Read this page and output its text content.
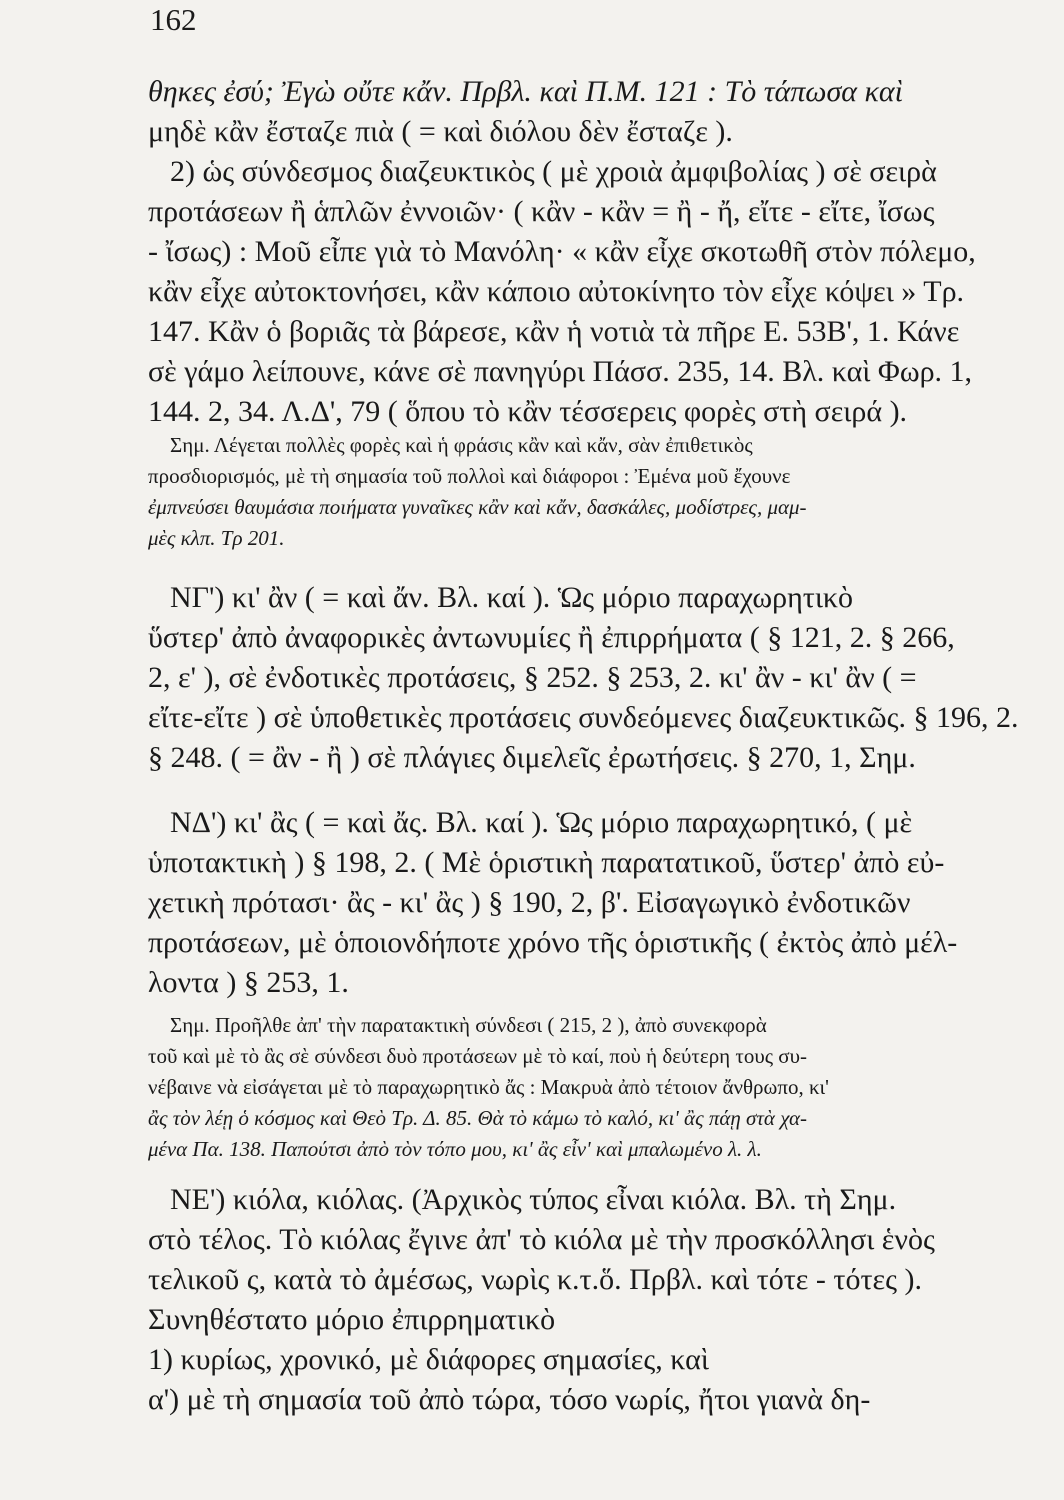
162
θηκες ἐσύ; Ἐγὼ οὔτε κἄν. Πρβλ. καὶ Π.Μ. 121 : Τὸ τάπωσα καὶ
μηδὲ κἂν ἔσταζε πιὰ ( = καὶ διόλου δὲν ἔσταζε ).
2) ὡς σύνδεσμος διαζευκτικὸς ( μὲ χροιὰ ἀμφιβολίας ) σὲ σειρὰ
προτάσεων ἢ ἁπλῶν ἐννοιῶν· ( κἂν - κἂν = ἢ - ἤ, εἴτε - εἴτε, ἴσως
- ἴσως) : Μοῦ εἶπε γιὰ τὸ Μανόλη· « κἂν εἶχε σκοτωθῆ στὸν πόλεμο,
κἂν εἶχε αὐτοκτονήσει, κἂν κάποιο αὐτοκίνητο τὸν εἶχε κόψει » Τρ.
147. Κἂν ὁ βοριᾶς τὰ βάρεσε, κἂν ἡ νοτιὰ τὰ πῆρε Ε. 53Β', 1. Κάνε
σὲ γάμο λείπουνε, κάνε σὲ πανηγύρι Πάσσ. 235, 14. Βλ. καὶ Φωρ. 1,
144. 2, 34. Λ.Δ', 79 ( ὅπου τὸ κἂν τέσσερεις φορὲς στὴ σειρά ).
Σημ. Λέγεται πολλὲς φορὲς καὶ ἡ φράσις κἂν καὶ κἄν, σὰν ἐπιθετικὸς
προσδιορισμός, μὲ τὴ σημασία τοῦ πολλοὶ καὶ διάφοροι : Ἐμένα μοῦ ἔχουνε
ἐμπνεύσει θαυμάσια ποιήματα γυναῖκες κἂν καὶ κἄν, δασκάλες, μοδίστρες, μαμ-
μὲς κλπ. Τρ 201.
ΝΓ') κι' ἂν ( = καὶ ἄν. Βλ. καί ). Ὡς μόριο παραχωρητικὸ
ὕστερ' ἀπὸ ἀναφορικὲς ἀντωνυμίες ἢ ἐπιρρήματα ( § 121, 2. § 266,
2, ε' ), σὲ ἐνδοτικὲς προτάσεις, § 252. § 253, 2. κι' ἂν - κι' ἂν ( =
εἴτε-εἴτε ) σὲ ὑποθετικὲς προτάσεις συνδεόμενες διαζευκτικῶς. § 196, 2.
§ 248. ( = ἂν - ἢ ) σὲ πλάγιες διμελεῖς ἐρωτήσεις. § 270, 1, Σημ.
ΝΔ') κι' ἂς ( = καὶ ἄς. Βλ. καί ). Ὡς μόριο παραχωρητικό, ( μὲ
ὑποτακτικὴ ) § 198, 2. ( Μὲ ὁριστικὴ παρατατικοῦ, ὕστερ' ἀπὸ εὐ-
χετικὴ πρότασι· ἂς - κι' ἂς ) § 190, 2, β'. Εἰσαγωγικὸ ἐνδοτικῶν
προτάσεων, μὲ ὁποιονδήποτε χρόνο τῆς ὁριστικῆς ( ἐκτὸς ἀπὸ μέλ-
λοντα ) § 253, 1.
Σημ. Προῆλθε ἀπ' τὴν παρατακτικὴ σύνδεσι ( 215, 2 ), ἀπὸ συνεκφορὰ
τοῦ καὶ μὲ τὸ ἂς σὲ σύνδεσι δυὸ προτάσεων μὲ τὸ καί, ποὺ ἡ δεύτερη τους συ-
νέβαινε νὰ εἰσάγεται μὲ τὸ παραχωρητικὸ ἄς : Μακρυὰ ἀπὸ τέτοιον ἄνθρωπο, κι'
ἂς τὸν λέῃ ὁ κόσμος καὶ Θεὸ Τρ. Δ. 85. Θὰ τὸ κάμω τὸ καλό, κι' ἂς πάῃ στὰ χα-
μένα Πα. 138. Παπούτσι ἀπὸ τὸν τόπο μου, κι' ἂς εἶν' καὶ μπαλωμένο λ. λ.
ΝΕ') κιόλα, κιόλας. (Ἀρχικὸς τύπος εἶναι κιόλα. Βλ. τὴ Σημ.
στὸ τέλος. Τὸ κιόλας ἔγινε ἀπ' τὸ κιόλα μὲ τὴν προσκόλλησι ἑνὸς
τελικοῦ ς, κατὰ τὸ ἀμέσως, νωρὶς κ.τ.ὅ. Πρβλ. καὶ τότε - τότες ).
Συνηθέστατο μόριο ἐπιρρηματικὸ
1) κυρίως, χρονικό, μὲ διάφορες σημασίες, καὶ
α') μὲ τὴ σημασία τοῦ ἀπὸ τώρα, τόσο νωρίς, ἤτοι γιανὰ δη-
